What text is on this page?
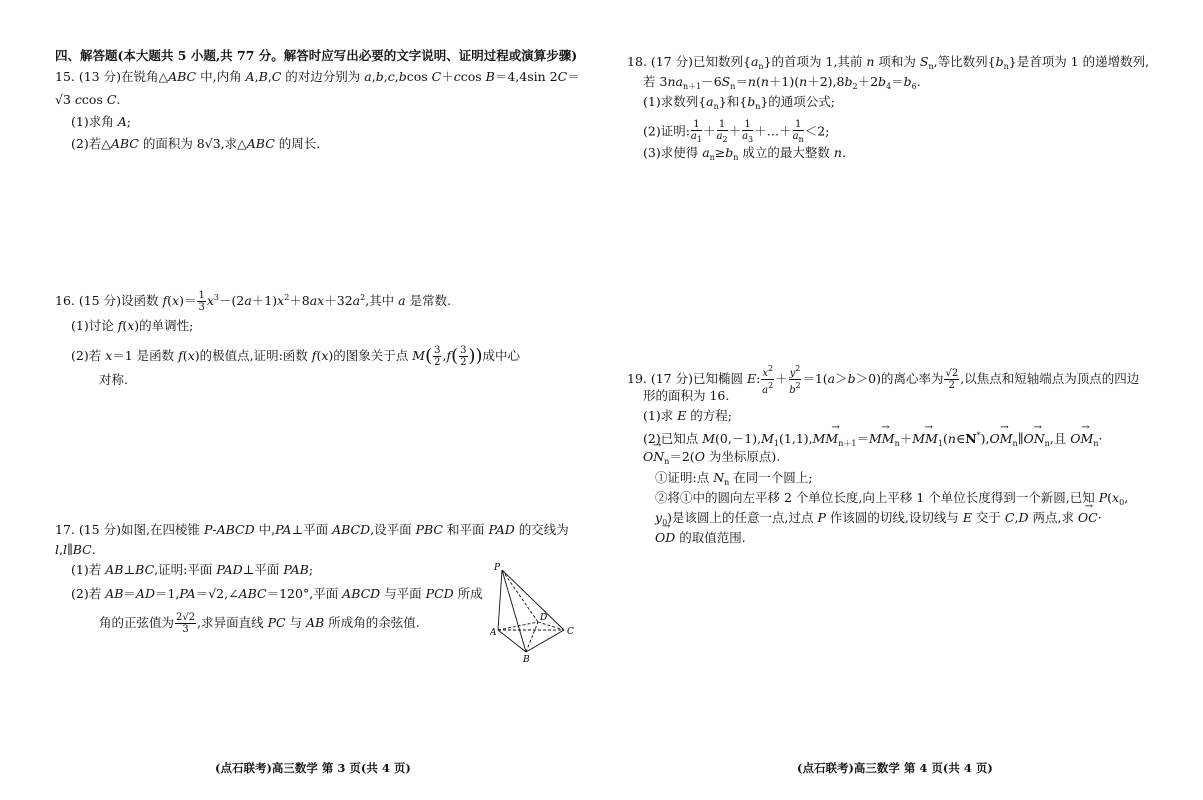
四、解答题(本大题共 5 小题,共 77 分。解答时应写出必要的文字说明、证明过程或演算步骤)
15. (13 分)在锐角△ABC 中,内角 A,B,C 的对边分别为 a,b,c,bcos C＋ccos B＝4,4sin 2C＝
√3 ccos C.
(1)求角 A;
(2)若△ABC 的面积为 8√3,求△ABC 的周长.
16. (15 分)设函数 $f(x)= \frac{1}{3} x^3-(2a+1)x^2+8ax+32a^2$,其中 a 是常数.
(1)讨论 f(x)的单调性;
(2)若 x＝1 是函数 f(x)的极值点,证明:函数 f(x)的图象关于点 $M( \frac{3}{2} ,f( \frac{3}{2}$ ))成中心
对称.
17. (15 分)如图,在四棱锥 P-ABCD 中,PA⊥平面 ABCD,设平面 PBC 和平面 PAD 的交线为
l,l∥BC.
(1)若 AB⊥BC,证明:平面 PAD⊥平面 PAB;
(2)若 AB＝AD＝1,PA＝√2,∠ABC＝120°,平面 ABCD 与平面 PCD 所成
角的正弦值为 $\frac{2√2}{3}$ ,求异面直线 PC 与 AB 所成角的余弦值.
P
A
B
C
D
(点石联考)高三数学 第 3 页(共 4 页)
18. (17 分)已知数列$\{a_n\}$的首项为 1,其前 n 项和为 $S_n$,等比数列$\{b_n\}$是首项为 1 的递增数列,
若 $3na_{n+1}-6S_n=n(n+1)(n+2),8b_2+2b_4=b_6$.
(1)求数列$\{a_n\}$和$\{b_n\}$的通项公式;
(2)证明: $\frac{1}{a_1} + \frac{1}{a_2} + \frac{1}{a_3}$ ＋…＋ $\frac{1}{a_n} <2$;
(3)求使得 $a_n\ge b_n$ 成立的最大整数 n.
19. (17 分)已知椭圆 E: $\frac{x^2}{a^2} + \frac{y^2}{b^2} =1(a>b>0)$的离心率为 $\frac{√2}{2}$ ,以焦点和短轴端点为顶点的四边
形的面积为 16.
(1)求 E 的方程;
(2)已知点 $M(0,-1),M_1(1,1),\to MM_{n+1}=\to MM_n+\to$ $MM_1(n\in N^*),\to$ $OM_n\parallel\to ON_n$,且 → $OM_n\cdot$
→ $ON_n=2(O$ 为坐标原点).
①证明:点 $N_n$ 在同一个圆上;
②将①中的圆向左平移 2 个单位长度,向上平移 1 个单位长度得到一个新圆,已知 $P(x_0$,
$y_0$)是该圆上的任意一点,过点 P 作该圆的切线,设切线与 E 交于 C,D 两点,求 → OC·
→ OD 的取值范围.
(点石联考)高三数学 第 4 页(共 4 页)
